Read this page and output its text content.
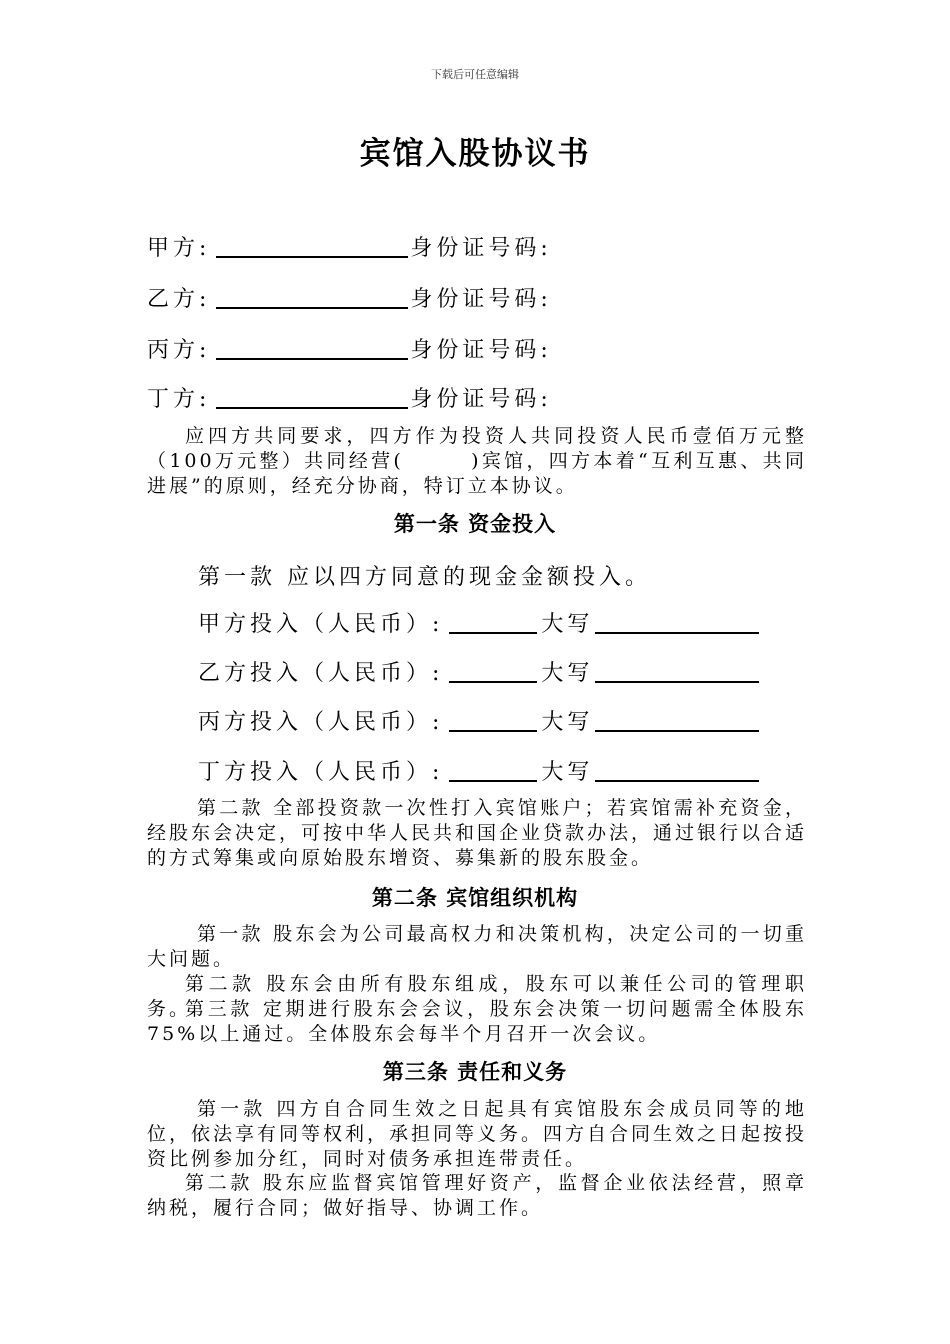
下载后可任意编辑
宾馆入股协议书
甲方:	身份证号码:
乙方:	身份证号码:
丙方:	身份证号码:
丁方:	身份证号码:

应四方共同要求，四方作为投资人共同投资人民币壹佰万元整（100万元整）共同经营(　　　)宾馆，四方本着“互利互惠、共同进展”的原则，经充分协商，特订立本协议。

第一条 资金投入
第一款 应以四方同意的现金金额投入。
甲方投入（人民币）:	大写
乙方投入（人民币）:	大写
丙方投入（人民币）:	大写
丁方投入（人民币）:	大写

第二款 全部投资款一次性打入宾馆账户；若宾馆需补充资金，经股东会决定，可按中华人民共和国企业贷款办法，通过银行以合适的方式筹集或向原始股东增资、募集新的股东股金。

第二条 宾馆组织机构

第一款 股东会为公司最高权力和决策机构，决定公司的一切重大问题。

第二款 股东会由所有股东组成，股东可以兼任公司的管理职务。

第三款 定期进行股东会会议，股东会决策一切问题需全体股东75%以上通过。全体股东会每半个月召开一次会议。

第三条 责任和义务

第一款 四方自合同生效之日起具有宾馆股东会成员同等的地位，依法享有同等权利，承担同等义务。四方自合同生效之日起按投资比例参加分红，同时对债务承担连带责任。

第二款 股东应监督宾馆管理好资产，监督企业依法经营，照章纳税，履行合同；做好指导、协调工作。
